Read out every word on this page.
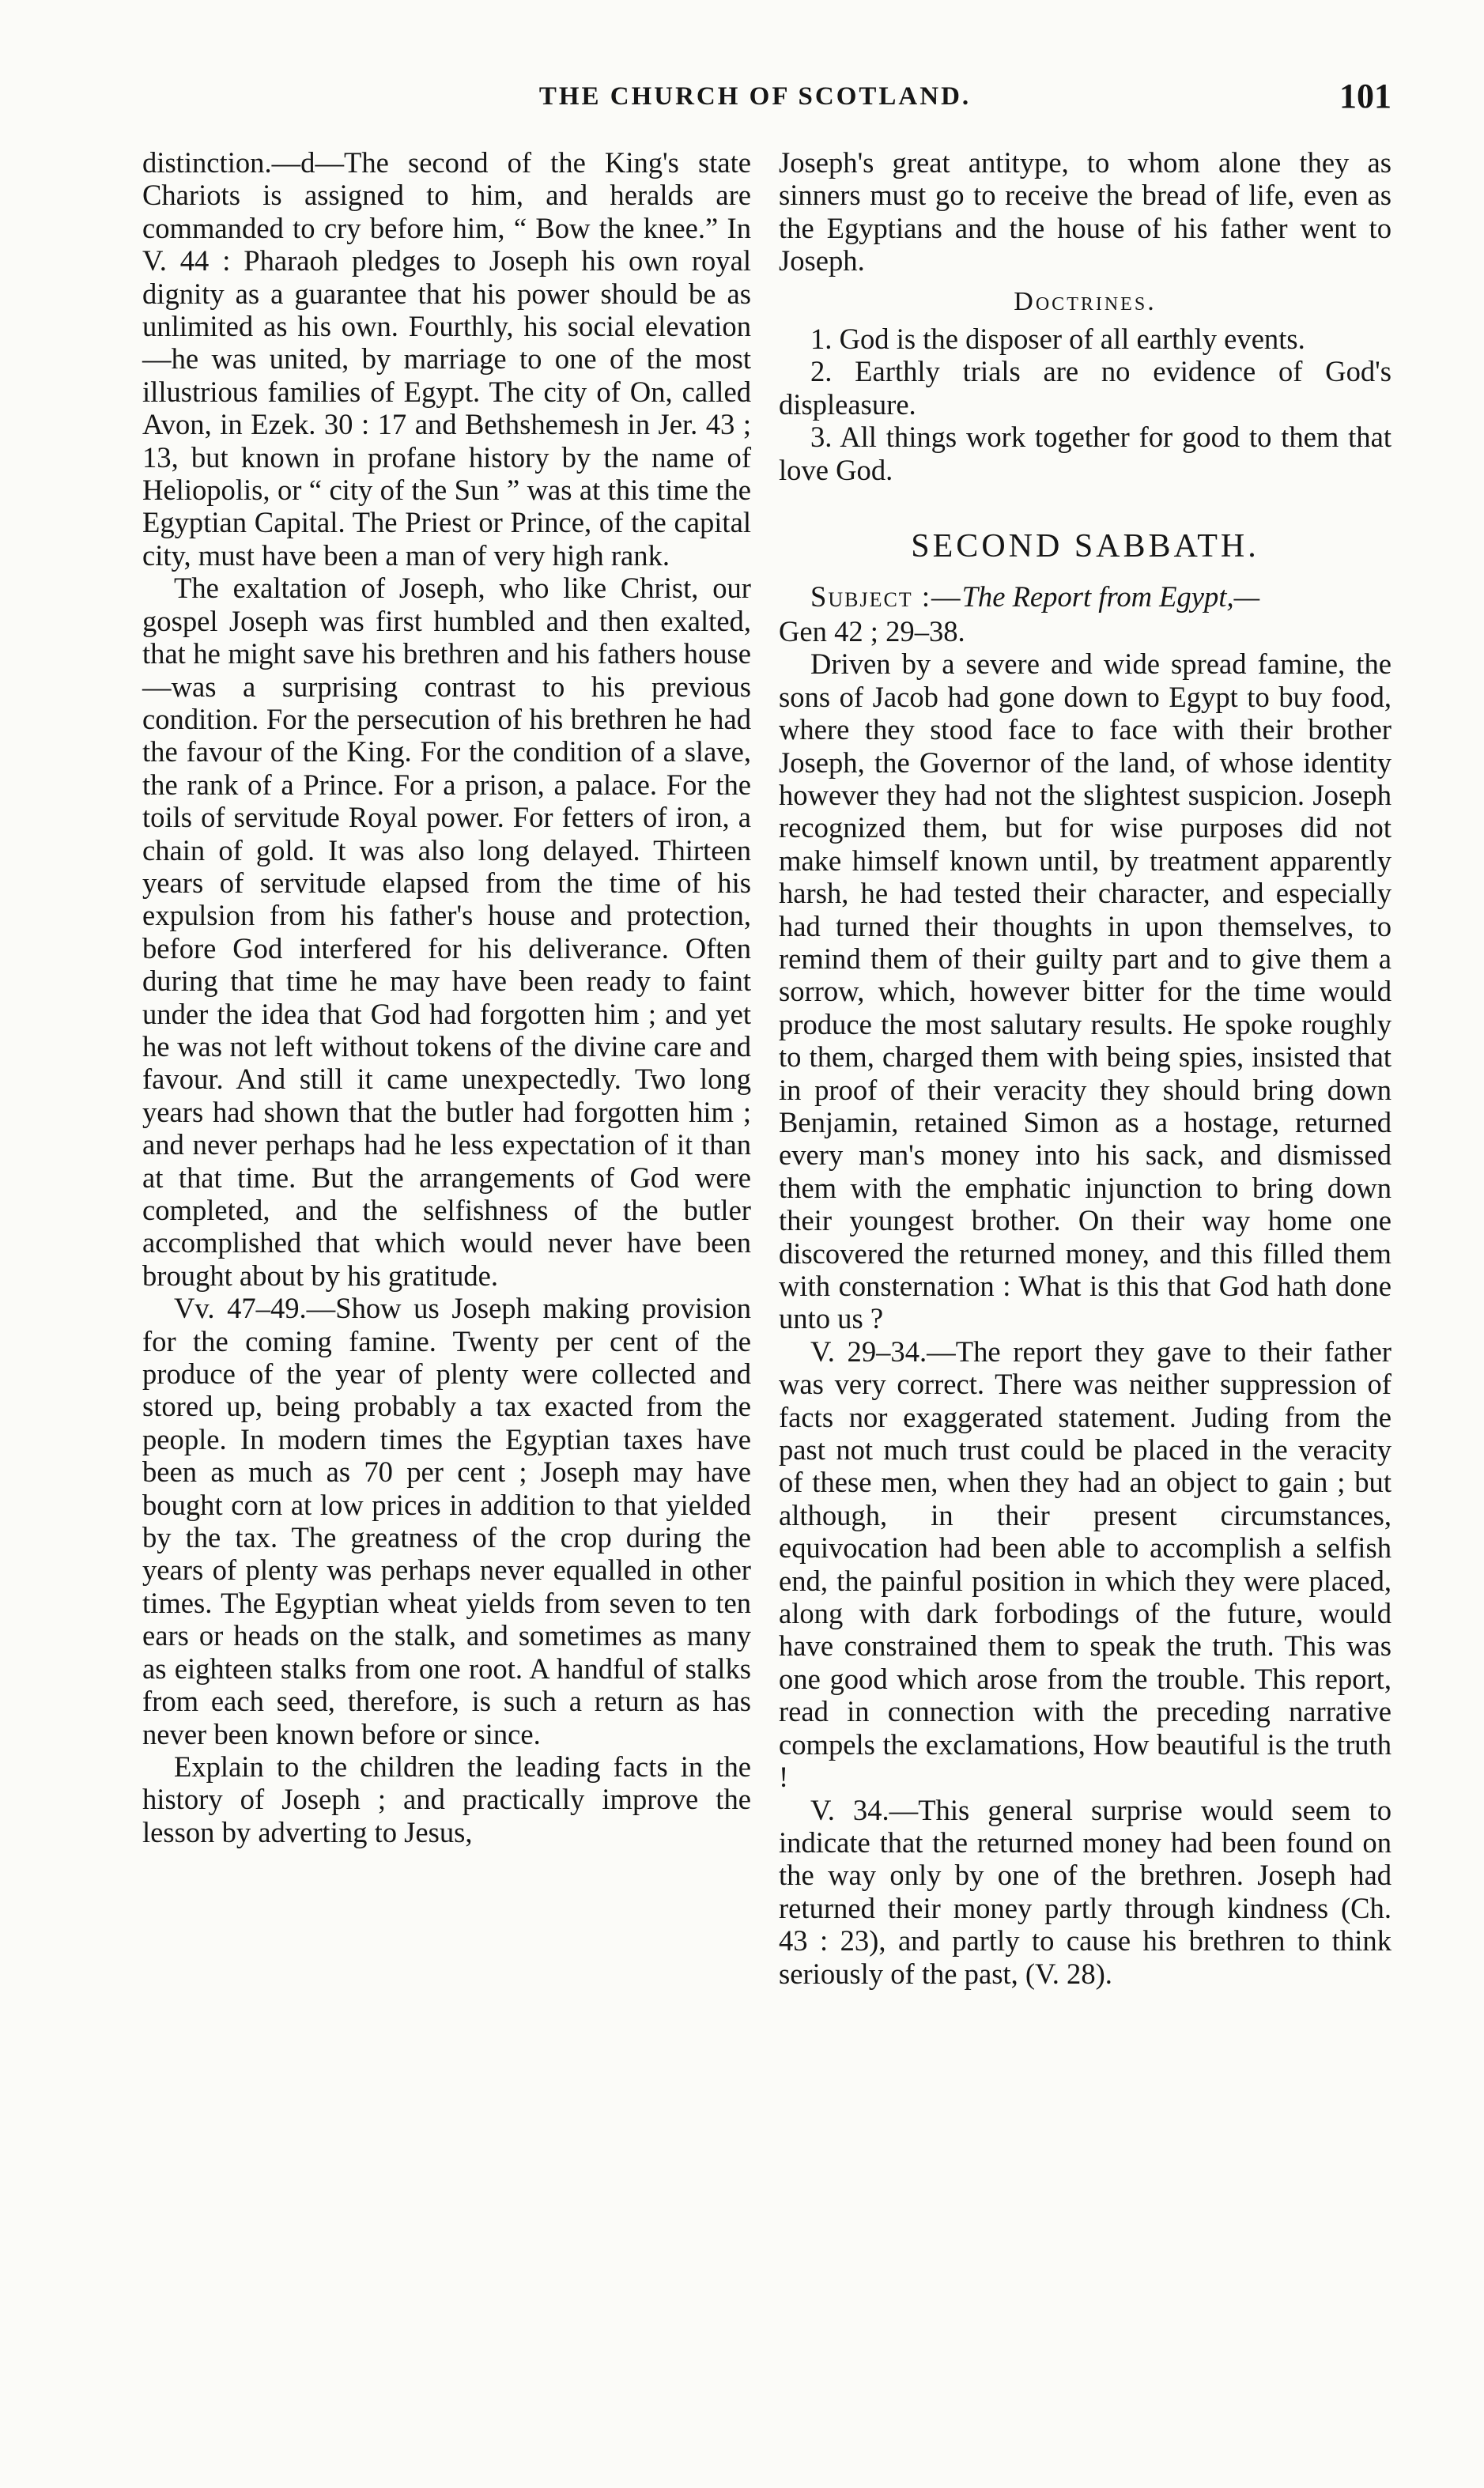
THE CHURCH OF SCOTLAND.	101

distinction.—d—The second of the King's state Chariots is assigned to him, and heralds are commanded to cry before him, “ Bow the knee.” In V. 44 : Pharaoh pledges to Joseph his own royal dignity as a guarantee that his power should be as unlimited as his own. Fourthly, his social elevation—he was united, by marriage to one of the most illustrious families of Egypt. The city of On, called Avon, in Ezek. 30 : 17 and Bethshemesh in Jer. 43 ; 13, but known in profane history by the name of Heliopolis, or “ city of the Sun ” was at this time the Egyptian Capital. The Priest or Prince, of the capital city, must have been a man of very high rank.

The exaltation of Joseph, who like Christ, our gospel Joseph was first humbled and then exalted, that he might save his brethren and his fathers house—was a surprising contrast to his previous condition. For the persecution of his brethren he had the favour of the King. For the condition of a slave, the rank of a Prince. For a prison, a palace. For the toils of servitude Royal power. For fetters of iron, a chain of gold. It was also long delayed. Thirteen years of servitude elapsed from the time of his expulsion from his father's house and protection, before God interfered for his deliverance. Often during that time he may have been ready to faint under the idea that God had forgotten him ; and yet he was not left without tokens of the divine care and favour. And still it came unexpectedly. Two long years had shown that the butler had forgotten him ; and never perhaps had he less expectation of it than at that time. But the arrangements of God were completed, and the selfishness of the butler accomplished that which would never have been brought about by his gratitude.

Vv. 47–49.—Show us Joseph making provision for the coming famine. Twenty per cent of the produce of the year of plenty were collected and stored up, being probably a tax exacted from the people. In modern times the Egyptian taxes have been as much as 70 per cent ; Joseph may have bought corn at low prices in addition to that yielded by the tax. The greatness of the crop during the years of plenty was perhaps never equalled in other times. The Egyptian wheat yields from seven to ten ears or heads on the stalk, and sometimes as many as eighteen stalks from one root. A handful of stalks from each seed, therefore, is such a return as has never been known before or since.

Explain to the children the leading facts in the history of Joseph ; and practically improve the lesson by adverting to Jesus,

Joseph's great antitype, to whom alone they as sinners must go to receive the bread of life, even as the Egyptians and the house of his father went to Joseph.

Doctrines.

1. God is the disposer of all earthly events.

2. Earthly trials are no evidence of God's displeasure.

3. All things work together for good to them that love God.

SECOND SABBATH.

Subject :—The Report from Egypt,—

Gen 42 ; 29–38.

Driven by a severe and wide spread famine, the sons of Jacob had gone down to Egypt to buy food, where they stood face to face with their brother Joseph, the Governor of the land, of whose identity however they had not the slightest suspicion. Joseph recognized them, but for wise purposes did not make himself known until, by treatment apparently harsh, he had tested their character, and especially had turned their thoughts in upon themselves, to remind them of their guilty part and to give them a sorrow, which, however bitter for the time would produce the most salutary results. He spoke roughly to them, charged them with being spies, insisted that in proof of their veracity they should bring down Benjamin, retained Simon as a hostage, returned every man's money into his sack, and dismissed them with the emphatic injunction to bring down their youngest brother. On their way home one discovered the returned money, and this filled them with consternation : What is this that God hath done unto us ?

V. 29–34.—The report they gave to their father was very correct. There was neither suppression of facts nor exaggerated statement. Juding from the past not much trust could be placed in the veracity of these men, when they had an object to gain ; but although, in their present circumstances, equivocation had been able to accomplish a selfish end, the painful position in which they were placed, along with dark forbodings of the future, would have constrained them to speak the truth. This was one good which arose from the trouble. This report, read in connection with the preceding narrative compels the exclamations, How beautiful is the truth !

V. 34.—This general surprise would seem to indicate that the returned money had been found on the way only by one of the brethren. Joseph had returned their money partly through kindness (Ch. 43 : 23), and partly to cause his brethren to think seriously of the past, (V. 28).
